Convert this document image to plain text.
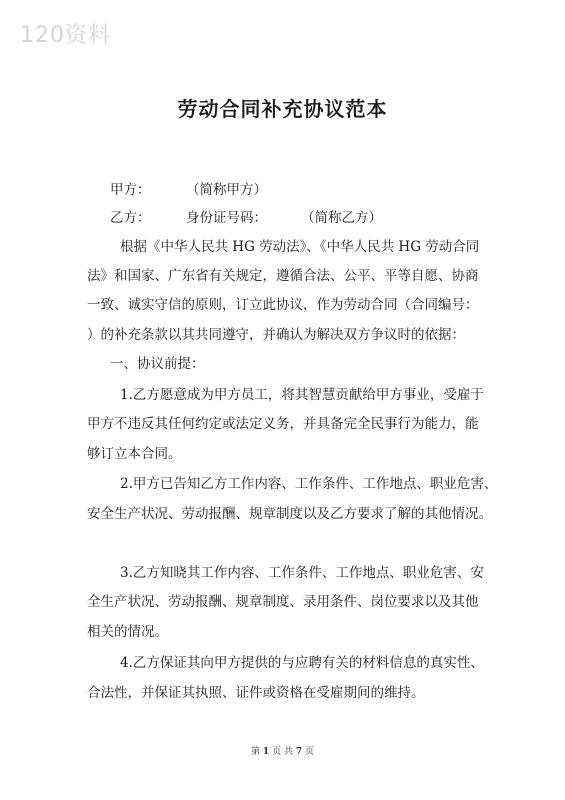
120资料
劳动合同补充协议范本
甲方：	（简称甲方）
乙方：	身份证号码：	（简称乙方）
根据《中华人民共 HG 劳动法》、《中华人民共 HG 劳动合同
法》和国家、广东省有关规定，遵循合法、公平、平等自愿、协商
一致、诚实守信的原则，订立此协议，作为劳动合同（合同编号：
）的补充条款以其共同遵守，并确认为解决双方争议时的依据：
一、协议前提：
1.乙方愿意成为甲方员工，将其智慧贡献给甲方事业，受雇于
甲方不违反其任何约定或法定义务，并具备完全民事行为能力，能
够订立本合同。
2.甲方已告知乙方工作内容、工作条件、工作地点、职业危害、
安全生产状况、劳动报酬、规章制度以及乙方要求了解的其他情况。
3.乙方知晓其工作内容、工作条件、工作地点、职业危害、安
全生产状况、劳动报酬、规章制度、录用条件、岗位要求以及其他
相关的情况。
4.乙方保证其向甲方提供的与应聘有关的材料信息的真实性、
合法性，并保证其执照、证件或资格在受雇期间的维持。
第 1 页 共 7 页
